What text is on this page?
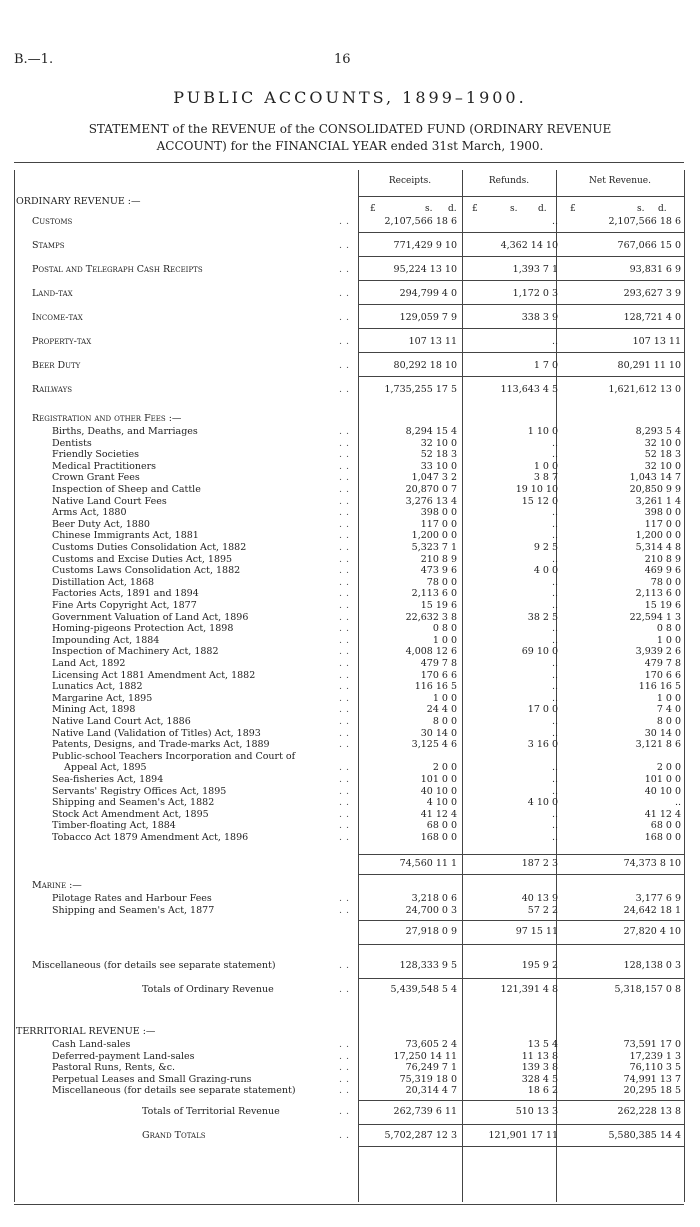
B.—1.	16
PUBLIC ACCOUNTS, 1899–1900.
STATEMENT of the REVENUE of the CONSOLIDATED FUND (ORDINARY REVENUE
ACCOUNT) for the FINANCIAL YEAR ended 31st March, 1900.
Receipts.	Refunds.	Net Revenue.
£	s. d. £	s. d.	£	s. d.
ORDINARY REVENUE :—
Customs	..	2,107,566 18 6	..	2,107,566 18 6
Stamps	..	771,429 9 10	4,362 14 10	767,066 15 0
Postal and Telegraph Cash Receipts	..	95,224 13 10	1,393 7 1	93,831 6 9
Land-tax	..	294,799 4 0	1,172 0 3	293,627 3 9
Income-tax	..	129,059 7 9	338 3 9	128,721 4 0
Property-tax	..	107 13 11	..	107 13 11
Beer Duty	..	80,292 18 10	1 7 0	80,291 11 10
Railways	..	1,735,255 17 5	113,643 4 5	1,621,612 13 0
Registration and other Fees :—
Births, Deaths, and Marriages	..	8,294 15 4	1 10 0	8,293 5 4
Dentists	..	32 10 0	..	32 10 0
Friendly Societies	..	52 18 3	..	52 18 3
Medical Practitioners	..	33 10 0	1 0 0	32 10 0
Crown Grant Fees	..	1,047 3 2	3 8 7	1,043 14 7
Inspection of Sheep and Cattle	..	20,870 0 7	19 10 10	20,850 9 9
Native Land Court Fees	..	3,276 13 4	15 12 0	3,261 1 4
Arms Act, 1880	..	398 0 0	..	398 0 0
Beer Duty Act, 1880	..	117 0 0	..	117 0 0
Chinese Immigrants Act, 1881	..	1,200 0 0	..	1,200 0 0
Customs Duties Consolidation Act, 1882	..	5,323 7 1	9 2 5	5,314 4 8
Customs and Excise Duties Act, 1895	..	210 8 9	..	210 8 9
Customs Laws Consolidation Act, 1882	..	473 9 6	4 0 0	469 9 6
Distillation Act, 1868	..	78 0 0	..	78 0 0
Factories Acts, 1891 and 1894	..	2,113 6 0	..	2,113 6 0
Fine Arts Copyright Act, 1877	..	15 19 6	..	15 19 6
Government Valuation of Land Act, 1896	..	22,632 3 8	38 2 5	22,594 1 3
Homing-pigeons Protection Act, 1898	..	0 8 0	..	0 8 0
Impounding Act, 1884	..	1 0 0	..	1 0 0
Inspection of Machinery Act, 1882	..	4,008 12 6	69 10 0	3,939 2 6
Land Act, 1892	..	479 7 8	..	479 7 8
Licensing Act 1881 Amendment Act, 1882	..	170 6 6	..	170 6 6
Lunatics Act, 1882	..	116 16 5	..	116 16 5
Margarine Act, 1895	..	1 0 0	..	1 0 0
Mining Act, 1898	..	24 4 0	17 0 0	7 4 0
Native Land Court Act, 1886	..	8 0 0	..	8 0 0
Native Land (Validation of Titles) Act, 1893	..	30 14 0	..	30 14 0
Patents, Designs, and Trade-marks Act, 1889	..	3,125 4 6	3 16 0	3,121 8 6
Public-school Teachers Incorporation and Court of
Appeal Act, 1895	..	2 0 0	..	2 0 0
Sea-fisheries Act, 1894	..	101 0 0	..	101 0 0
Servants' Registry Offices Act, 1895	..	40 10 0	..	40 10 0
Shipping and Seamen's Act, 1882	..	4 10 0	4 10 0	..
Stock Act Amendment Act, 1895	..	41 12 4	..	41 12 4
Timber-floating Act, 1884	..	68 0 0	..	68 0 0
Tobacco Act 1879 Amendment Act, 1896	..	168 0 0	..	168 0 0
74,560 11 1	187 2 3	74,373 8 10
Marine :—
Pilotage Rates and Harbour Fees	..	3,218 0 6	40 13 9	3,177 6 9
Shipping and Seamen's Act, 1877	..	24,700 0 3	57 2 2	24,642 18 1
27,918 0 9	97 15 11	27,820 4 10
Miscellaneous (for details see separate statement)	..	128,333 9 5	195 9 2	128,138 0 3
Totals of Ordinary Revenue	..	5,439,548 5 4	121,391 4 8	5,318,157 0 8
TERRITORIAL REVENUE :—
Cash Land-sales	..	73,605 2 4	13 5 4	73,591 17 0
Deferred-payment Land-sales	..	17,250 14 11	11 13 8	17,239 1 3
Pastoral Runs, Rents, &c.	..	76,249 7 1	139 3 8	76,110 3 5
Perpetual Leases and Small Grazing-runs	..	75,319 18 0	328 4 5	74,991 13 7
Miscellaneous (for details see separate statement)	..	20,314 4 7	18 6 2	20,295 18 5
Totals of Territorial Revenue	..	262,739 6 11	510 13 3	262,228 13 8
Grand Totals	..	5,702,287 12 3	121,901 17 11	5,580,385 14 4
